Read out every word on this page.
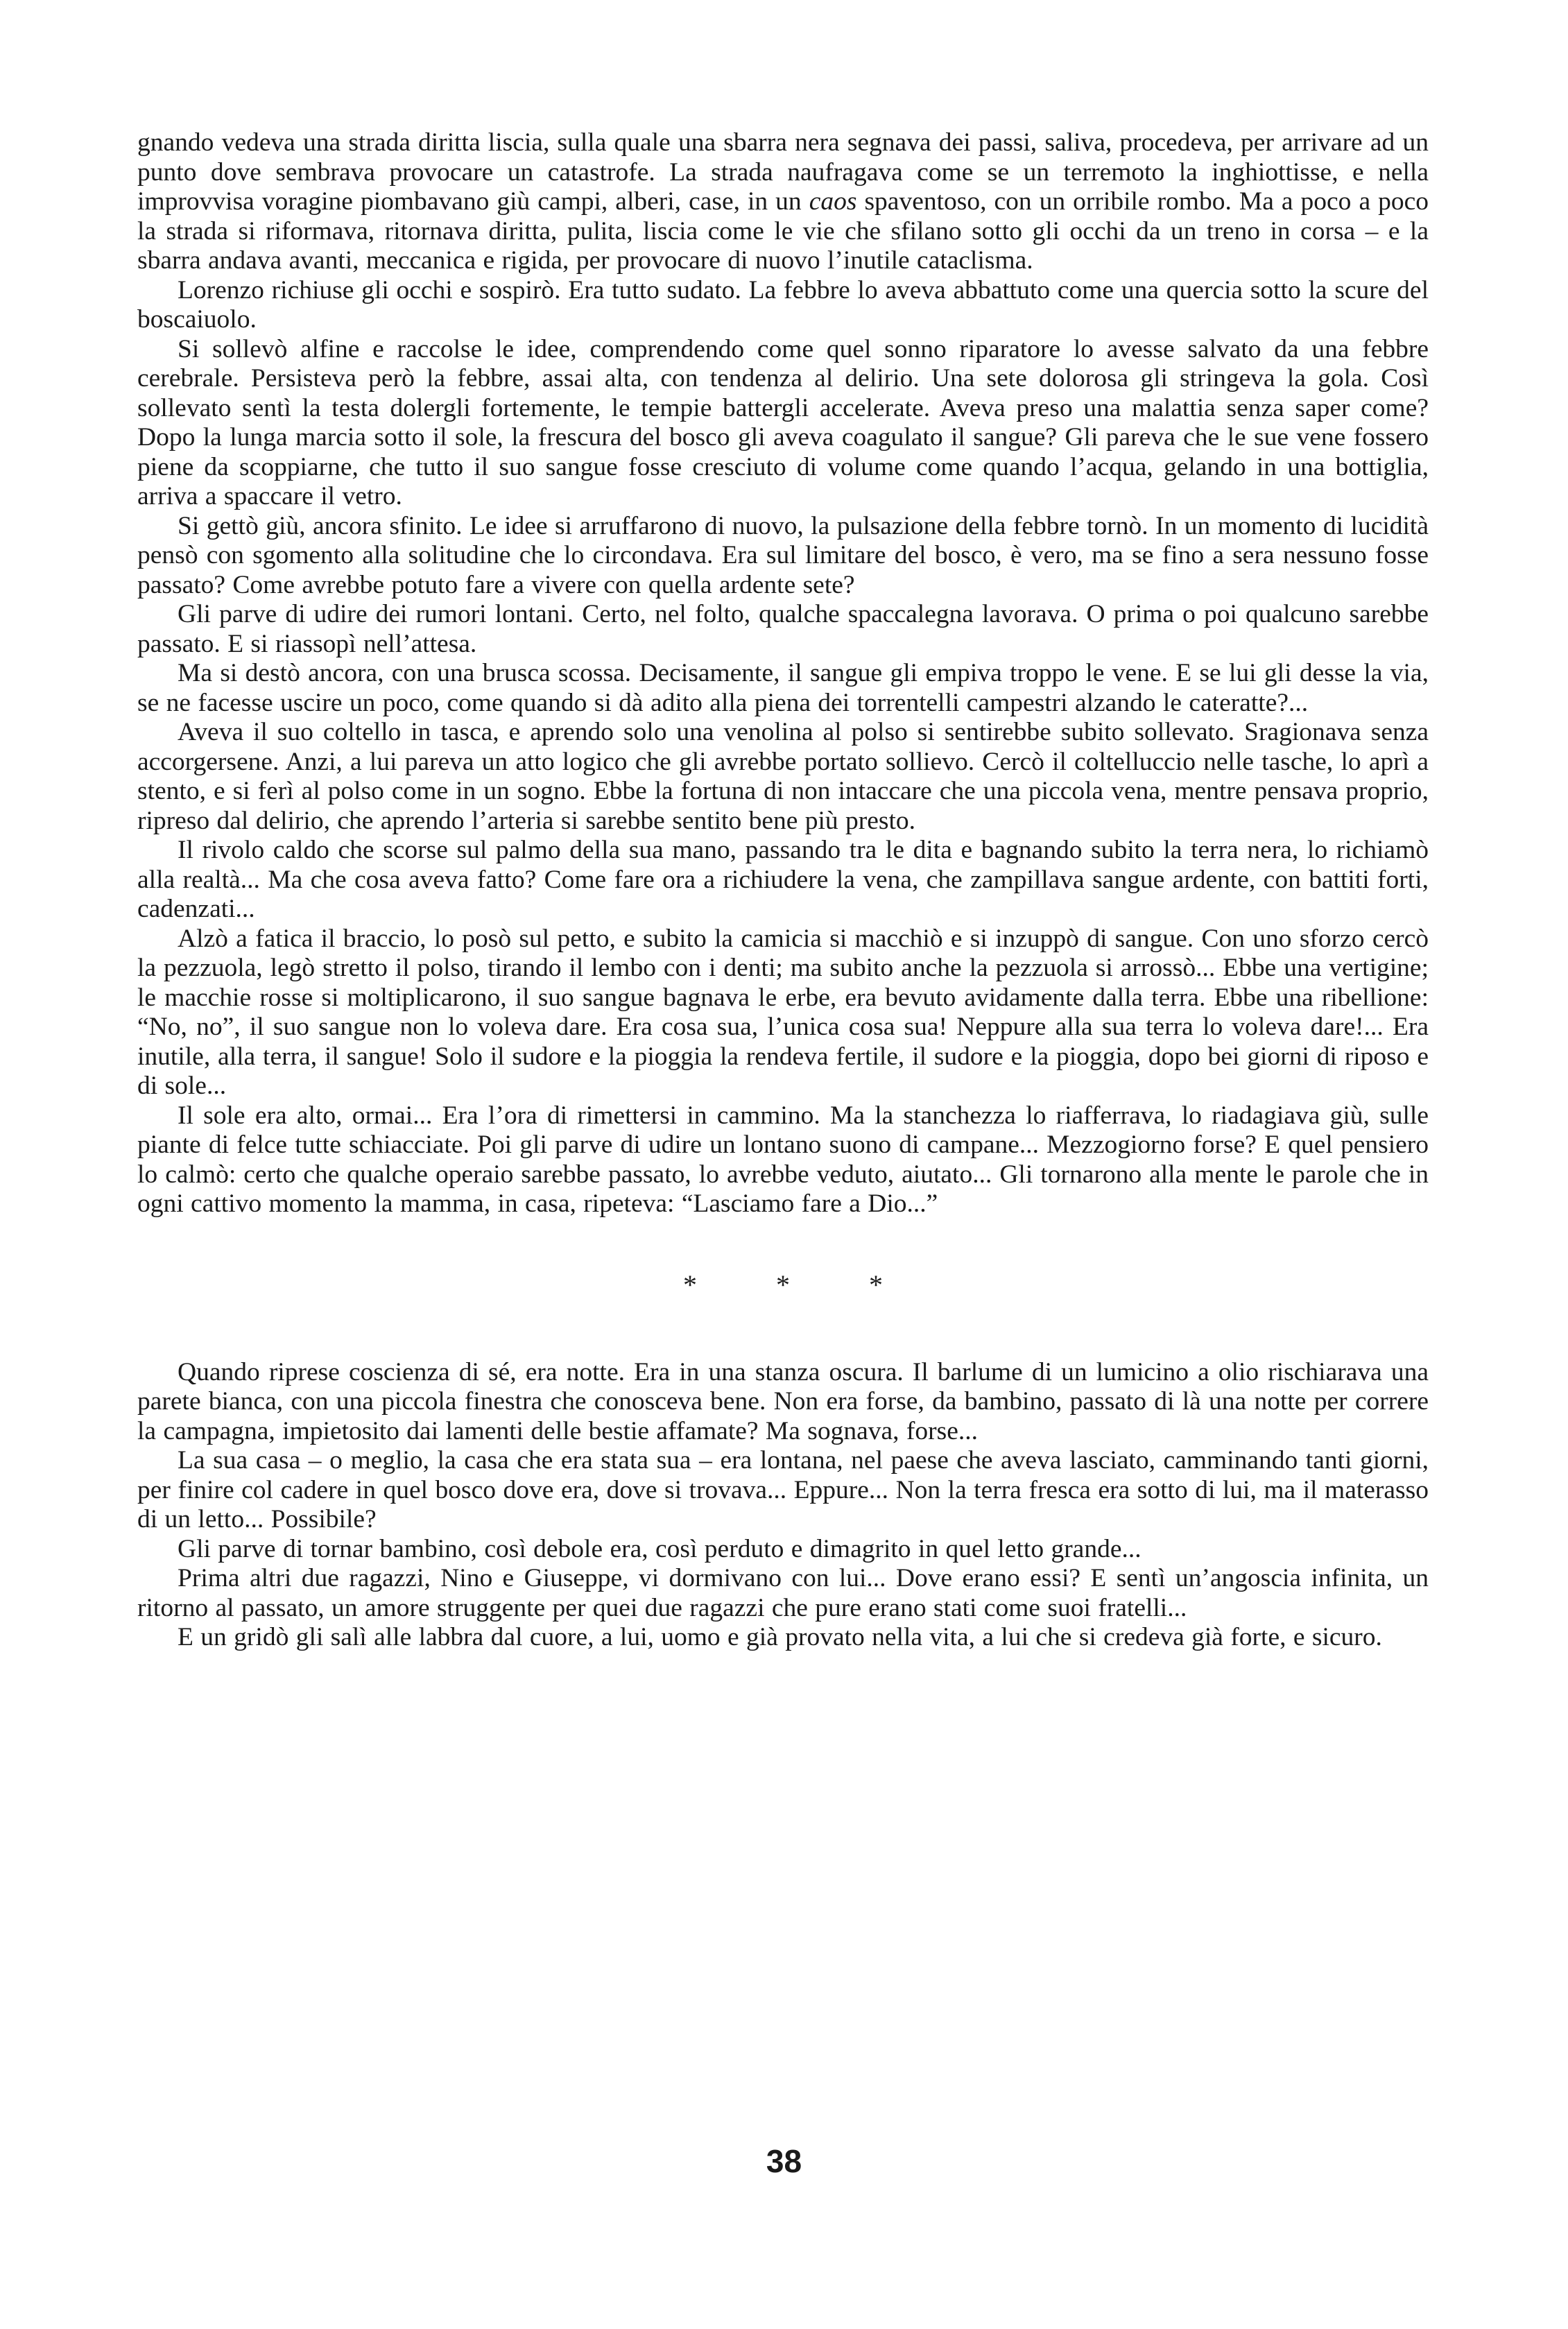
gnando vedeva una strada diritta liscia, sulla quale una sbarra nera segnava dei passi, saliva, procedeva, per arrivare ad un punto dove sembrava provocare un catastrofe. La strada naufragava come se un terremoto la inghiottisse, e nella improvvisa voragine piombavano giù campi, alberi, case, in un caos spaventoso, con un orribile rombo. Ma a poco a poco la strada si riformava, ritornava diritta, pulita, liscia come le vie che sfilano sotto gli occhi da un treno in corsa – e la sbarra andava avanti, meccanica e rigida, per provocare di nuovo l’inutile cataclisma.

Lorenzo richiuse gli occhi e sospirò. Era tutto sudato. La febbre lo aveva abbattuto come una quercia sotto la scure del boscaiuolo.

Si sollevò alfine e raccolse le idee, comprendendo come quel sonno riparatore lo avesse salvato da una febbre cerebrale. Persisteva però la febbre, assai alta, con tendenza al delirio. Una sete dolorosa gli stringeva la gola. Così sollevato sentì la testa dolergli fortemente, le tempie battergli accelerate. Aveva preso una malattia senza saper come? Dopo la lunga marcia sotto il sole, la frescura del bosco gli aveva coagulato il sangue? Gli pareva che le sue vene fossero piene da scoppiarne, che tutto il suo sangue fosse cresciuto di volume come quando l’acqua, gelando in una bottiglia, arriva a spaccare il vetro.

Si gettò giù, ancora sfinito. Le idee si arruffarono di nuovo, la pulsazione della febbre tornò. In un momento di lucidità pensò con sgomento alla solitudine che lo circondava. Era sul limitare del bosco, è vero, ma se fino a sera nessuno fosse passato? Come avrebbe potuto fare a vivere con quella ardente sete?

Gli parve di udire dei rumori lontani. Certo, nel folto, qualche spaccalegna lavorava. O prima o poi qualcuno sarebbe passato. E si riassopì nell’attesa.

Ma si destò ancora, con una brusca scossa. Decisamente, il sangue gli empiva troppo le vene. E se lui gli desse la via, se ne facesse uscire un poco, come quando si dà adito alla piena dei torrentelli campestri alzando le cateratte?...

Aveva il suo coltello in tasca, e aprendo solo una venolina al polso si sentirebbe subito sollevato. Sragionava senza accorgersene. Anzi, a lui pareva un atto logico che gli avrebbe portato sollievo. Cercò il coltelluccio nelle tasche, lo aprì a stento, e si ferì al polso come in un sogno. Ebbe la fortuna di non intaccare che una piccola vena, mentre pensava proprio, ripreso dal delirio, che aprendo l’arteria si sarebbe sentito bene più presto.

Il rivolo caldo che scorse sul palmo della sua mano, passando tra le dita e bagnando subito la terra nera, lo richiamò alla realtà... Ma che cosa aveva fatto? Come fare ora a richiudere la vena, che zampillava sangue ardente, con battiti forti, cadenzati...

Alzò a fatica il braccio, lo posò sul petto, e subito la camicia si macchiò e si inzuppò di sangue. Con uno sforzo cercò la pezzuola, legò stretto il polso, tirando il lembo con i denti; ma subito anche la pezzuola si arrossò... Ebbe una vertigine; le macchie rosse si moltiplicarono, il suo sangue bagnava le erbe, era bevuto avidamente dalla terra. Ebbe una ribellione: “No, no”, il suo sangue non lo voleva dare. Era cosa sua, l’unica cosa sua! Neppure alla sua terra lo voleva dare!... Era inutile, alla terra, il sangue! Solo il sudore e la pioggia la rendeva fertile, il sudore e la pioggia, dopo bei giorni di riposo e di sole...

Il sole era alto, ormai... Era l’ora di rimettersi in cammino. Ma la stanchezza lo riafferrava, lo riadagiava giù, sulle piante di felce tutte schiacciate. Poi gli parve di udire un lontano suono di campane... Mezzogiorno forse? E quel pensiero lo calmò: certo che qualche operaio sarebbe passato, lo avrebbe veduto, aiutato... Gli tornarono alla mente le parole che in ogni cattivo momento la mamma, in casa, ripeteva: “Lasciamo fare a Dio...”

* * *

Quando riprese coscienza di sé, era notte. Era in una stanza oscura. Il barlume di un lumicino a olio rischiarava una parete bianca, con una piccola finestra che conosceva bene. Non era forse, da bambino, passato di là una notte per correre la campagna, impietosito dai lamenti delle bestie affamate? Ma sognava, forse...

La sua casa – o meglio, la casa che era stata sua – era lontana, nel paese che aveva lasciato, camminando tanti giorni, per finire col cadere in quel bosco dove era, dove si trovava... Eppure... Non la terra fresca era sotto di lui, ma il materasso di un letto... Possibile?

Gli parve di tornar bambino, così debole era, così perduto e dimagrito in quel letto grande...

Prima altri due ragazzi, Nino e Giuseppe, vi dormivano con lui... Dove erano essi? E sentì un’angoscia infinita, un ritorno al passato, un amore struggente per quei due ragazzi che pure erano stati come suoi fratelli...

E un gridò gli salì alle labbra dal cuore, a lui, uomo e già provato nella vita, a lui che si credeva già forte, e sicuro.

38
